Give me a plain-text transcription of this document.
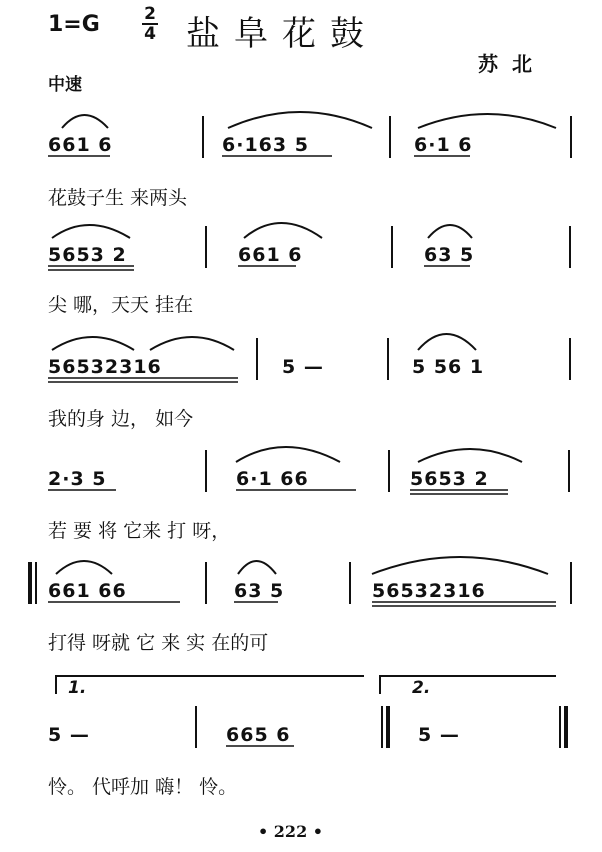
1=G	2
4 盐阜花鼓
苏北
中速
661 6	6·163 5	6·1 6
花鼓子生 来两头
5653 2	661 6	63 5
尖 哪，天天 挂在
56532316	5 —	5 56 1
我的身 边， 如今
2·3 5	6·1 66	5653 2
若 要 将 它来 打 呀，
661 66	63 5	56532316
打得 呀就 它 来 实 在的可
1.	2.
5 —	665 6	5 —
怜。 代呼加 嗨！ 怜。
• 222 •
